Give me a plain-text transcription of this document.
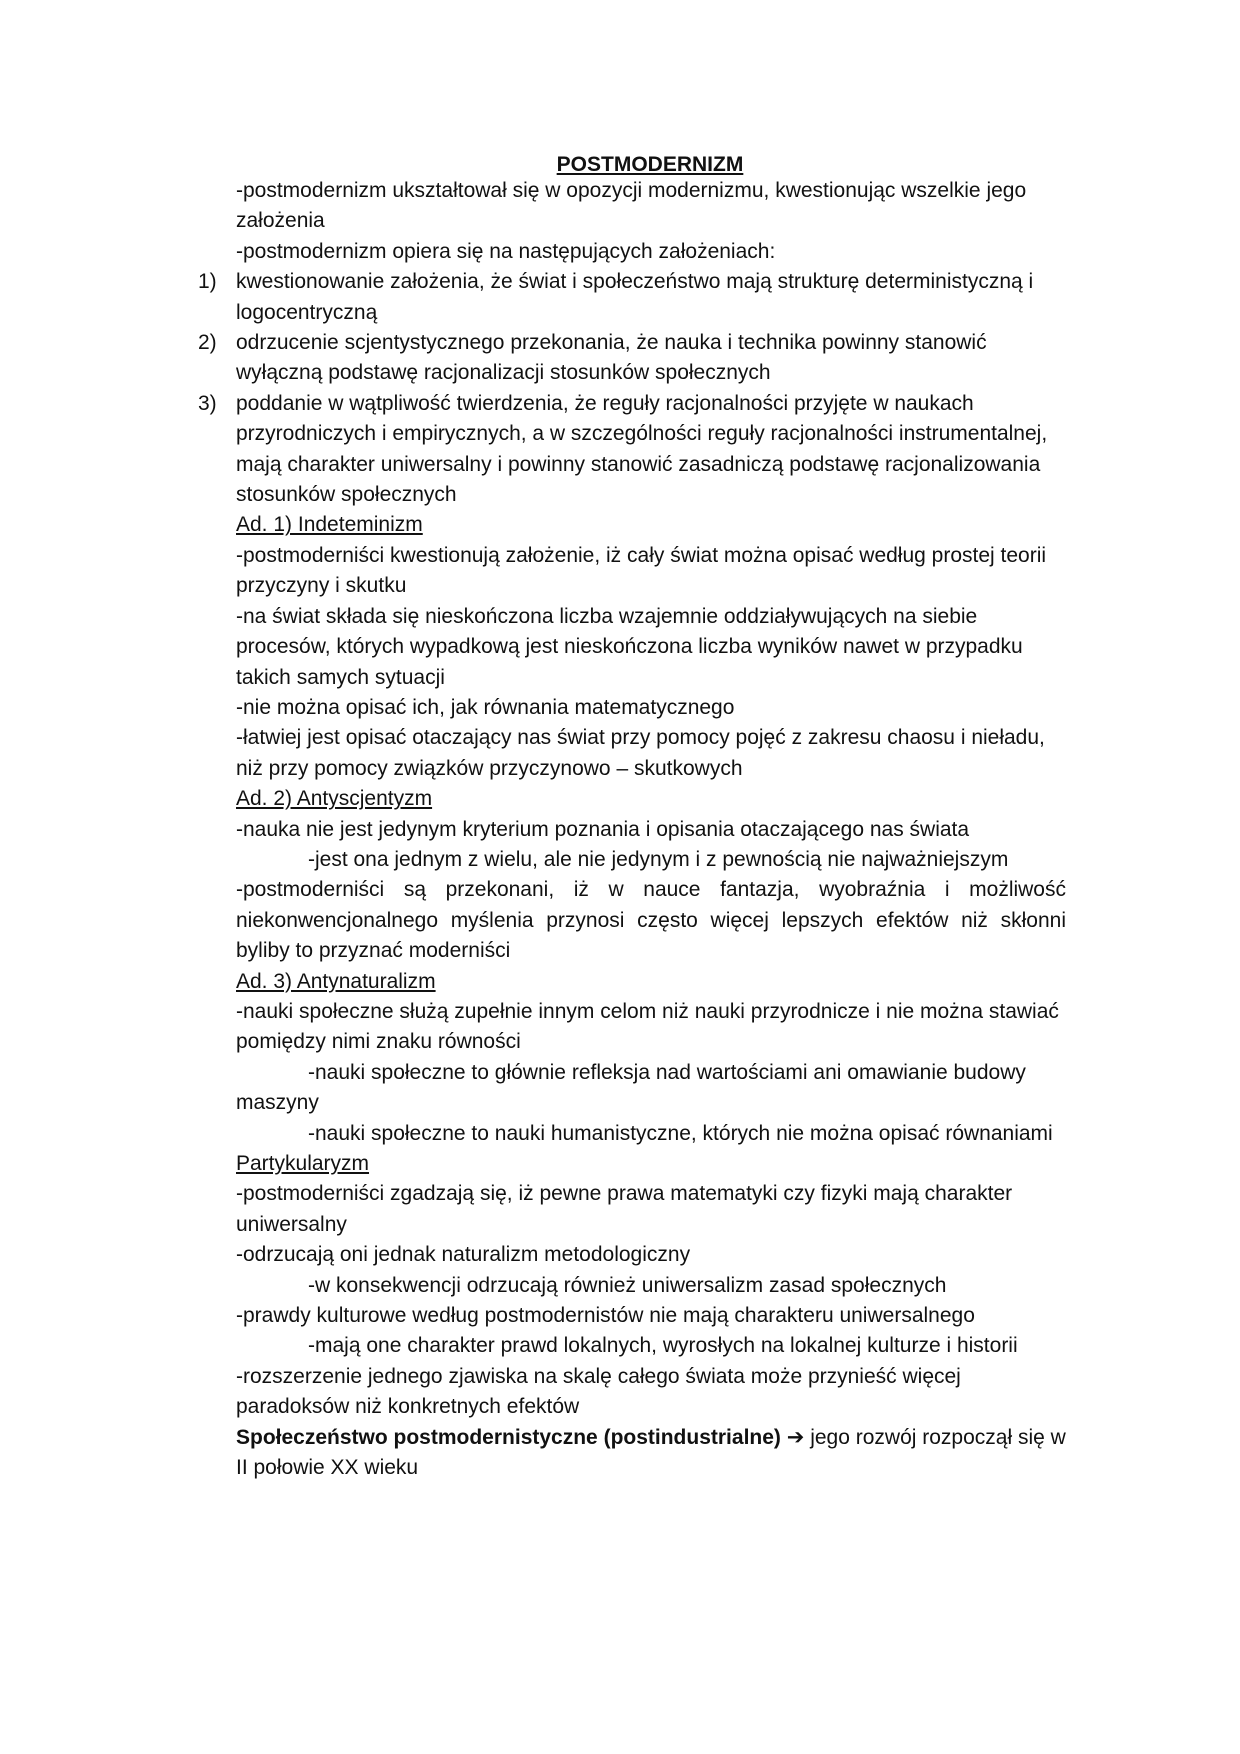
POSTMODERNIZM

-postmodernizm ukształtował się w opozycji modernizmu, kwestionując wszelkie jego założenia

-postmodernizm opiera się na następujących założeniach:

1) kwestionowanie założenia, że świat i społeczeństwo mają strukturę deterministyczną i logocentryczną
2) odrzucenie scjentystycznego przekonania, że nauka i technika powinny stanowić wyłączną podstawę racjonalizacji stosunków społecznych
3) poddanie w wątpliwość twierdzenia, że reguły racjonalności przyjęte w naukach przyrodniczych i empirycznych, a w szczególności reguły racjonalności instrumentalnej, mają charakter uniwersalny i powinny stanowić zasadniczą podstawę racjonalizowania stosunków społecznych

Ad. 1) Indeteminizm

-postmoderniści kwestionują założenie, iż cały świat można opisać według prostej teorii przyczyny i skutku

-na świat składa się nieskończona liczba wzajemnie oddziaływujących na siebie procesów, których wypadkową jest nieskończona liczba wyników nawet w przypadku takich samych sytuacji

-nie można opisać ich, jak równania matematycznego

-łatwiej jest opisać otaczający nas świat przy pomocy pojęć z zakresu chaosu i nieładu, niż przy pomocy związków przyczynowo – skutkowych

Ad. 2) Antyscjentyzm

-nauka nie jest jedynym kryterium poznania i opisania otaczającego nas świata

-jest ona jednym z wielu, ale nie jedynym i z pewnością nie najważniejszym

-postmoderniści są przekonani, iż w nauce fantazja, wyobraźnia i możliwość niekonwencjonalnego myślenia przynosi często więcej lepszych efektów niż skłonni byliby to przyznać moderniści

Ad. 3) Antynaturalizm

-nauki społeczne służą zupełnie innym celom niż nauki przyrodnicze i nie można stawiać pomiędzy nimi znaku równości

-nauki społeczne to głównie refleksja nad wartościami ani omawianie budowy maszyny

-nauki społeczne to nauki humanistyczne, których nie można opisać równaniami

Partykularyzm

-postmoderniści zgadzają się, iż pewne prawa matematyki czy fizyki mają charakter uniwersalny

-odrzucają oni jednak naturalizm metodologiczny

-w konsekwencji odrzucają również uniwersalizm zasad społecznych

-prawdy kulturowe według postmodernistów nie mają charakteru uniwersalnego

-mają one charakter prawd lokalnych, wyrosłych na lokalnej kulturze i historii

-rozszerzenie jednego zjawiska na skalę całego świata może przynieść więcej paradoksów niż konkretnych efektów

Społeczeństwo postmodernistyczne (postindustrialne) ➔ jego rozwój rozpoczął się w II połowie XX wieku
